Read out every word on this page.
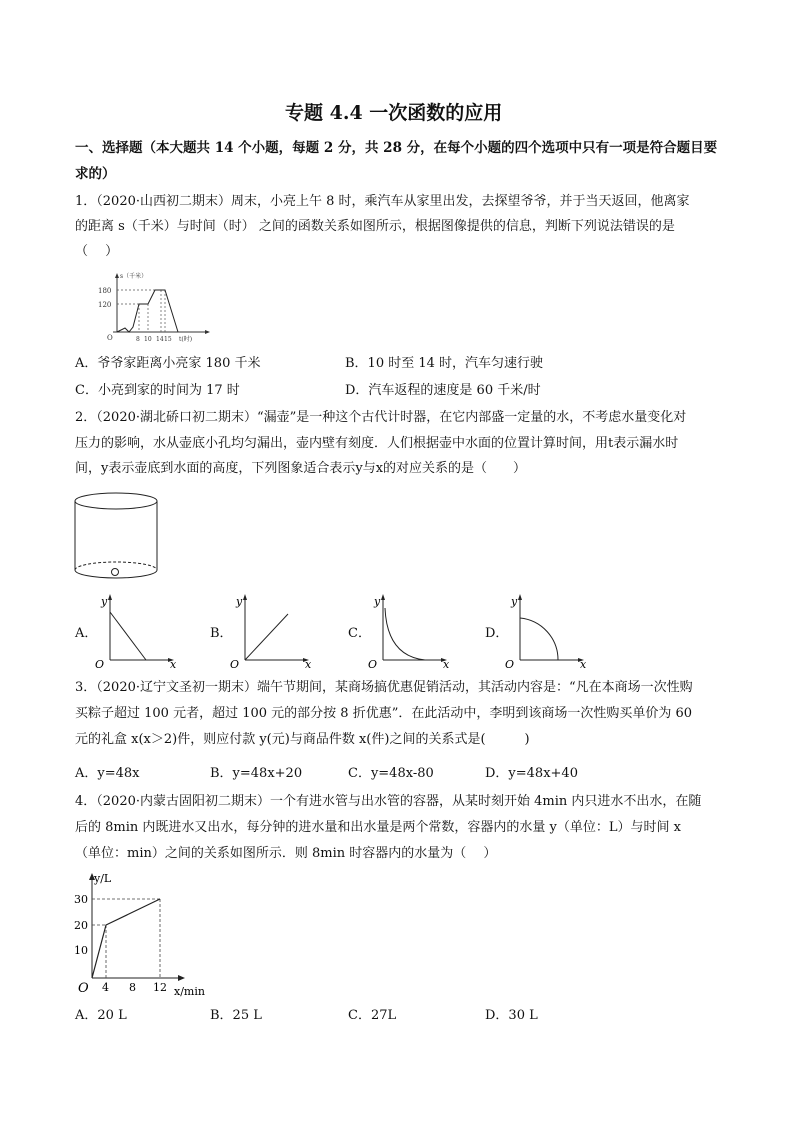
专题 4.4 一次函数的应用
一、选择题（本大题共 14 个小题，每题 2 分，共 28 分，在每个小题的四个选项中只有一项是符合题目要
求的）
1．（2020·山西初二期末）周末，小亮上午 8 时，乘汽车从家里出发，去探望爷爷，并于当天返回，他离家
的距离 s（千米）与时间（时） 之间的函数关系如图所示，根据图像提供的信息，判断下列说法错误的是
（　 ）
s（千米）
O
180
120
8 10 14 15 t(时)
A．爷爷家距离小亮家 180 千米	B．10 时至 14 时，汽车匀速行驶
C．小亮到家的时间为 17 时	D．汽车返程的速度是 60 千米/时
2．（2020·湖北硚口初二期末）“漏壶”是一种这个古代计时器，在它内部盛一定量的水，不考虑水量变化对
压力的影响，水从壶底小孔均匀漏出，壶内壁有刻度．人们根据壶中水面的位置计算时间，用t表示漏水时
间，y表示壶底到水面的高度，下列图象适合表示y与x的对应关系的是（　　）
A．
y
O	x
B．
y
O	x
C．
y
O	x
D．
y
O	x
3．（2020·辽宁文圣初一期末）端午节期间，某商场搞优惠促销活动，其活动内容是：“凡在本商场一次性购
买粽子超过 100 元者，超过 100 元的部分按 8 折优惠”．在此活动中，李明到该商场一次性购买单价为 60
元的礼盒 x(x＞2)件，则应付款 y(元)与商品件数 x(件)之间的关系式是(　　　)
A．y=48x	B．y=48x+20	C．y=48x-80	D．y=48x+40
4．（2020·内蒙古固阳初二期末）一个有进水管与出水管的容器，从某时刻开始 4min 内只进水不出水，在随
后的 8min 内既进水又出水，每分钟的进水量和出水量是两个常数，容器内的水量 y（单位：L）与时间 x
（单位：min）之间的关系如图所示．则 8min 时容器内的水量为（　 ）
y/L
30
20
10
O 4 8 12 x/min
A．20 L	B．25 L	C．27L	D．30 L
